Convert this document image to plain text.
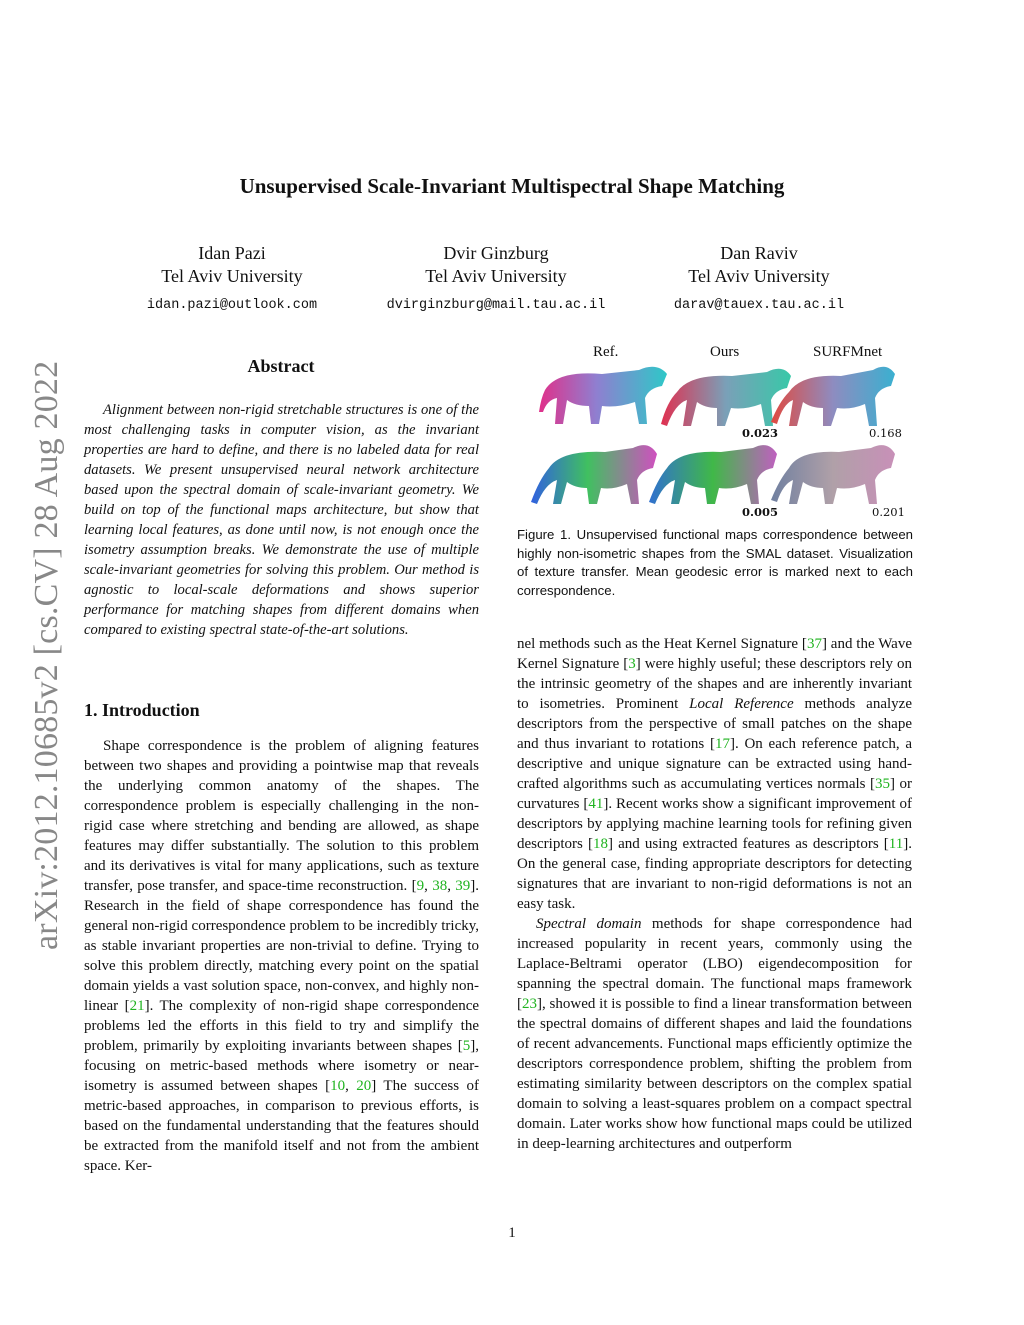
Unsupervised Scale-Invariant Multispectral Shape Matching
Idan Pazi
Tel Aviv University
idan.pazi@outlook.com
Dvir Ginzburg
Tel Aviv University
dvirginzburg@mail.tau.ac.il
Dan Raviv
Tel Aviv University
darav@tauex.tau.ac.il
arXiv:2012.10685v2 [cs.CV] 28 Aug 2022	Abstract

Alignment between non-rigid stretchable structures is one of the most challenging tasks in computer vision, as the invariant properties are hard to define, and there is no labeled data for real datasets. We present unsupervised neural network architecture based upon the spectral domain of scale-invariant geometry. We build on top of the functional maps architecture, but show that learning local features, as done until now, is not enough once the isometry assumption breaks. We demonstrate the use of multiple scale-invariant geometries for solving this problem. Our method is agnostic to local-scale deformations and shows superior performance for matching shapes from different domains when compared to existing spectral state-of-the-art solutions.

1. Introduction

Shape correspondence is the problem of aligning features between two shapes and providing a pointwise map that reveals the underlying common anatomy of the shapes. The correspondence problem is especially challenging in the non-rigid case where stretching and bending are allowed, as shape features may differ substantially. The solution to this problem and its derivatives is vital for many applications, such as texture transfer, pose transfer, and space-time reconstruction. [9, 38, 39]. Research in the field of shape correspondence has found the general non-rigid correspondence problem to be incredibly tricky, as stable invariant properties are non-trivial to define. Trying to solve this problem directly, matching every point on the spatial domain yields a vast solution space, non-convex, and highly non-linear [21]. The complexity of non-rigid shape correspondence problems led the efforts in this field to try and simplify the problem, primarily by exploiting invariants between shapes [5], focusing on metric-based methods where isometry or near-isometry is assumed between shapes [10, 20] The success of metric-based approaches, in comparison to previous efforts, is based on the fundamental understanding that the features should be extracted from the manifold itself and not from the ambient space. Ker-

Ref.	Ours	SURFMnet
0.023	0.168
0.005	0.201
Figure 1. Unsupervised functional maps correspondence between highly non-isometric shapes from the SMAL dataset. Visualization of texture transfer. Mean geodesic error is marked next to each correspondence.

nel methods such as the Heat Kernel Signature [37] and the Wave Kernel Signature [3] were highly useful; these descriptors rely on the intrinsic geometry of the shapes and are inherently invariant to isometries. Prominent Local Reference methods analyze descriptors from the perspective of small patches on the shape and thus invariant to rotations [17]. On each reference patch, a descriptive and unique signature can be extracted using hand-crafted algorithms such as accumulating vertices normals [35] or curvatures [41]. Recent works show a significant improvement of descriptors by applying machine learning tools for refining given descriptors [18] and using extracted features as descriptors [11]. On the general case, finding appropriate descriptors for detecting signatures that are invariant to non-rigid deformations is not an easy task.

Spectral domain methods for shape correspondence had increased popularity in recent years, commonly using the Laplace-Beltrami operator (LBO) eigendecomposition for spanning the spectral domain. The functional maps framework [23], showed it is possible to find a linear transformation between the spectral domains of different shapes and laid the foundations of recent advancements. Functional maps efficiently optimize the descriptors correspondence problem, shifting the problem from estimating similarity between descriptors on the complex spatial domain to solving a least-squares problem on a compact spectral domain. Later works show how functional maps could be utilized in deep-learning architectures and outperform

1
